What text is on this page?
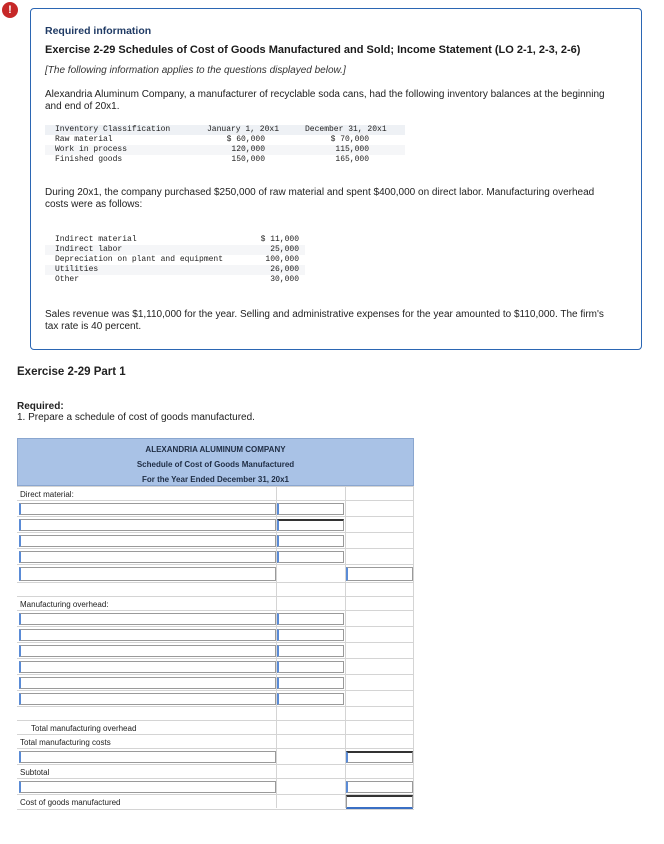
!
Required information
Exercise 2-29 Schedules of Cost of Goods Manufactured and Sold; Income Statement (LO 2-1, 2-3, 2-6)
[The following information applies to the questions displayed below.]
Alexandria Aluminum Company, a manufacturer of recyclable soda cans, had the following inventory balances at the beginning and end of 20x1.
Inventory Classification	January 1, 20x1	December 31, 20x1
Raw material	$ 60,000	$ 70,000
Work in process	120,000	115,000
Finished goods	150,000	165,000
During 20x1, the company purchased $250,000 of raw material and spent $400,000 on direct labor. Manufacturing overhead costs were as follows:
Indirect material	$ 11,000
Indirect labor	25,000
Depreciation on plant and equipment	100,000
Utilities	26,000
Other	30,000
Sales revenue was $1,110,000 for the year. Selling and administrative expenses for the year amounted to $110,000. The firm's tax rate is 40 percent.
Exercise 2-29 Part 1
Required:
1. Prepare a schedule of cost of goods manufactured.
ALEXANDRIA ALUMINUM COMPANY
Schedule of Cost of Goods Manufactured
For the Year Ended December 31, 20x1
Direct material:
Manufacturing overhead:
Total manufacturing overhead
Total manufacturing costs
Subtotal
Cost of goods manufactured
